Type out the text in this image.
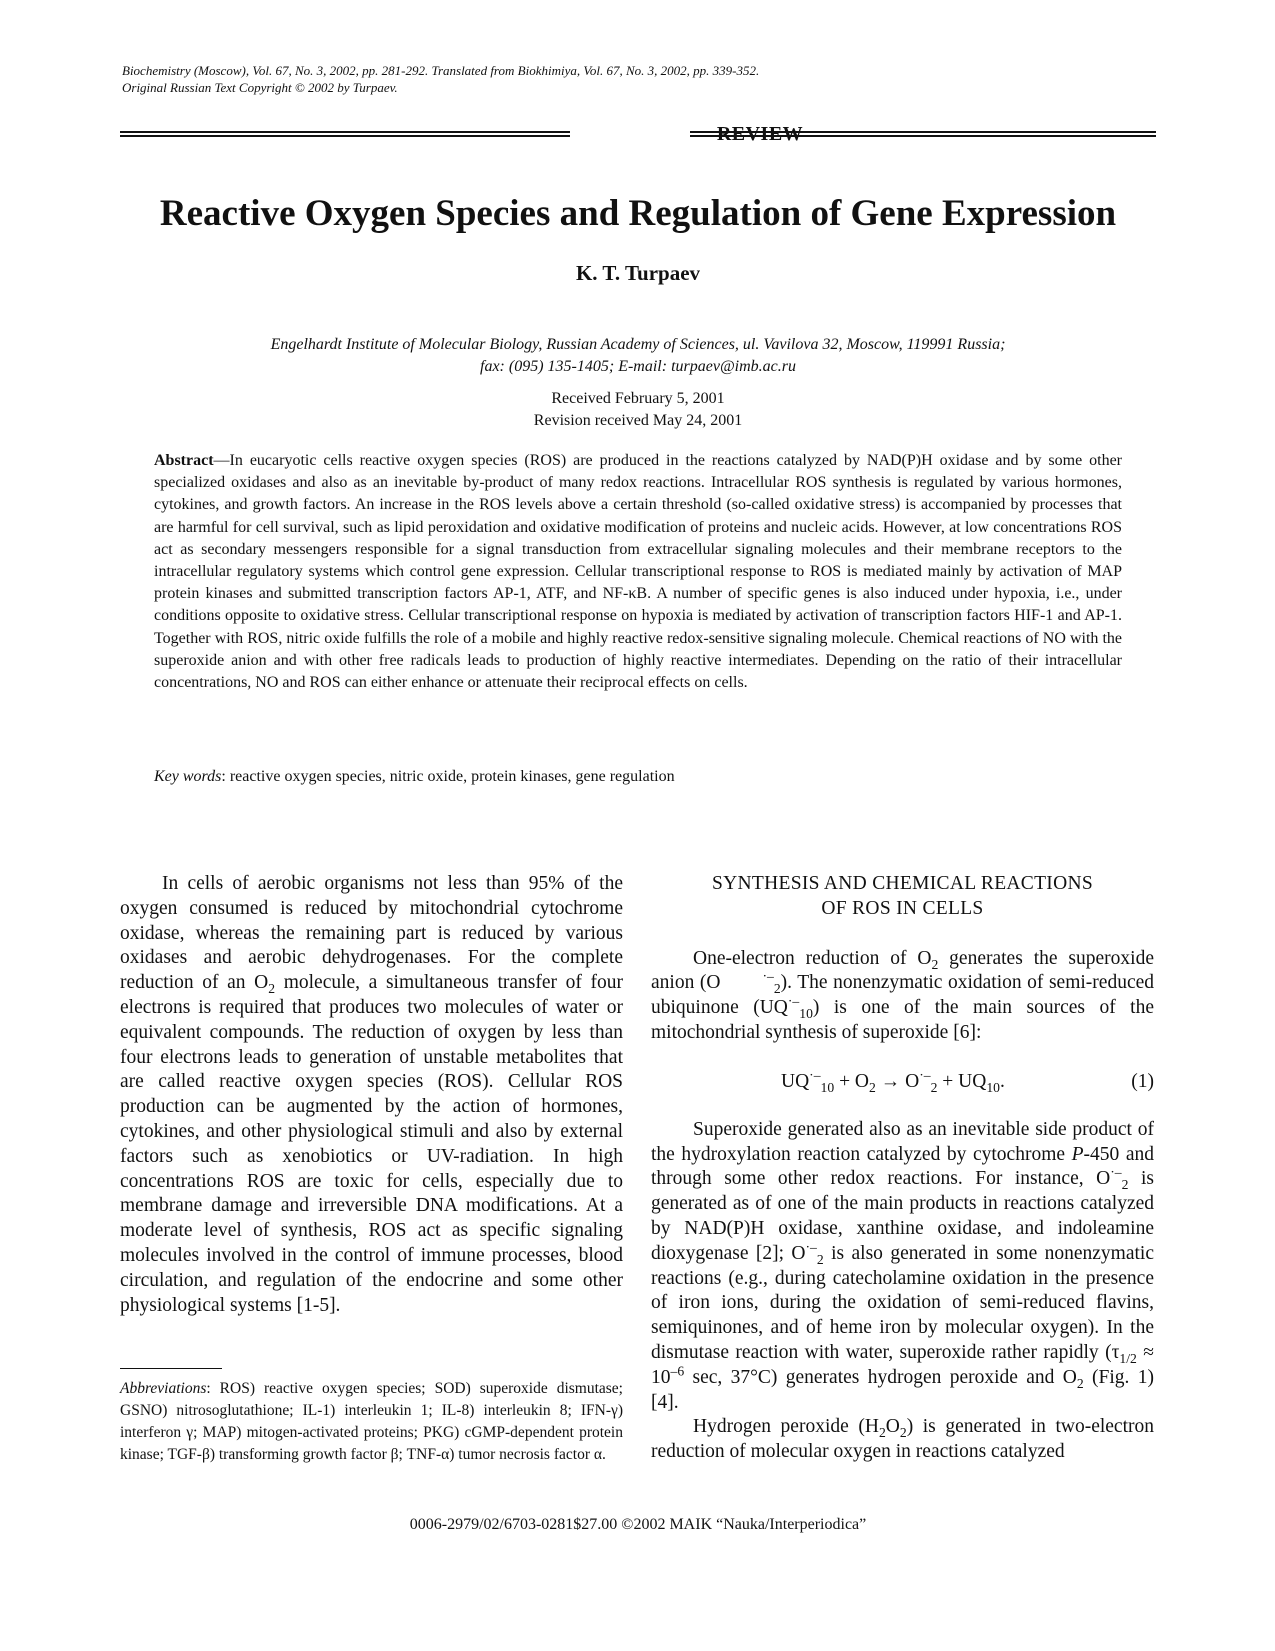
Biochemistry (Moscow), Vol. 67, No. 3, 2002, pp. 281-292. Translated from Biokhimiya, Vol. 67, No. 3, 2002, pp. 339-352.
Original Russian Text Copyright © 2002 by Turpaev.
REVIEW
Reactive Oxygen Species and Regulation of Gene Expression
K. T. Turpaev
Engelhardt Institute of Molecular Biology, Russian Academy of Sciences, ul. Vavilova 32, Moscow, 119991 Russia;
fax: (095) 135-1405; E-mail: turpaev@imb.ac.ru
Received February 5, 2001
Revision received May 24, 2001

Abstract—In eucaryotic cells reactive oxygen species (ROS) are produced in the reactions catalyzed by NAD(P)H oxidase and by some other specialized oxidases and also as an inevitable by-product of many redox reactions. Intracellular ROS synthesis is regulated by various hormones, cytokines, and growth factors. An increase in the ROS levels above a certain threshold (so-called oxidative stress) is accompanied by processes that are harmful for cell survival, such as lipid peroxidation and oxidative modification of proteins and nucleic acids. However, at low concentrations ROS act as secondary messengers responsible for a signal transduction from extracellular signaling molecules and their membrane receptors to the intracellular regulatory systems which control gene expression. Cellular transcriptional response to ROS is mediated mainly by activation of MAP protein kinases and submitted transcription factors AP-1, ATF, and NF-κB. A number of specific genes is also induced under hypoxia, i.e., under conditions opposite to oxidative stress. Cellular transcriptional response on hypoxia is mediated by activation of transcription factors HIF-1 and AP-1. Together with ROS, nitric oxide fulfills the role of a mobile and highly reactive redox-sensitive signaling molecule. Chemical reactions of NO with the superoxide anion and with other free radicals leads to production of highly reactive intermediates. Depending on the ratio of their intracellular concentrations, NO and ROS can either enhance or attenuate their reciprocal effects on cells.

Key words: reactive oxygen species, nitric oxide, protein kinases, gene regulation

In cells of aerobic organisms not less than 95% of the oxygen consumed is reduced by mitochondrial cytochrome oxidase, whereas the remaining part is reduced by various oxidases and aerobic dehydrogenases. For the complete reduction of an $O_2$ molecule, a simultaneous transfer of four electrons is required that produces two molecules of water or equivalent compounds. The reduction of oxygen by less than four electrons leads to generation of unstable metabolites that are called reactive oxygen species (ROS). Cellular ROS production can be augmented by the action of hormones, cytokines, and other physiological stimuli and also by external factors such as xenobiotics or UV-radiation. In high concentrations ROS are toxic for cells, especially due to membrane damage and irreversible DNA modifications. At a moderate level of synthesis, ROS act as specific signaling molecules involved in the control of immune processes, blood circulation, and regulation of the endocrine and some other physiological systems [1-5].

SYNTHESIS AND CHEMICAL REACTIONS
OF ROS IN CELLS

One-electron reduction of $O_2$ generates the superoxide anion (O	·–$_2$). The nonenzymatic oxidation of semi-reduced ubiquinone $(UQ^{\cdot-}_{10})$ is one of the main sources of the mitochondrial synthesis of superoxide [6]:

$UQ^{\cdot-}_{10} + O_2 \to O^{\cdot-}_2 + UQ_{10}$.	(1)

Superoxide generated also as an inevitable side product of the hydroxylation reaction catalyzed by cytochrome P-450 and through some other redox reactions. For instance, $O^{\cdot-}_2$ is generated as of one of the main products in reactions catalyzed by NAD(P)H oxidase, xanthine oxidase, and indoleamine dioxygenase [2]; $O^{\cdot-}_2$ is also generated in some nonenzymatic reactions (e.g., during catecholamine oxidation in the presence of iron ions, during the oxidation of semi-reduced flavins, semiquinones, and of heme iron by molecular oxygen). In the dismutase reaction with water, superoxide rather rapidly ($\tau_{1/2} \approx 10^{-6}$ sec, 37°C) generates hydrogen peroxide and $O_2$ (Fig. 1) [4].

Hydrogen peroxide $(H_2O_2)$ is generated in two-electron reduction of molecular oxygen in reactions catalyzed

Abbreviations: ROS) reactive oxygen species; SOD) superoxide dismutase; GSNO) nitrosoglutathione; IL-1) interleukin 1; IL-8) interleukin 8; IFN-γ) interferon γ; MAP) mitogen-activated proteins; PKG) cGMP-dependent protein kinase; TGF-β) transforming growth factor β; TNF-α) tumor necrosis factor α.

0006-2979/02/6703-0281$27.00 ©2002 MAIK “Nauka/Interperiodica”
